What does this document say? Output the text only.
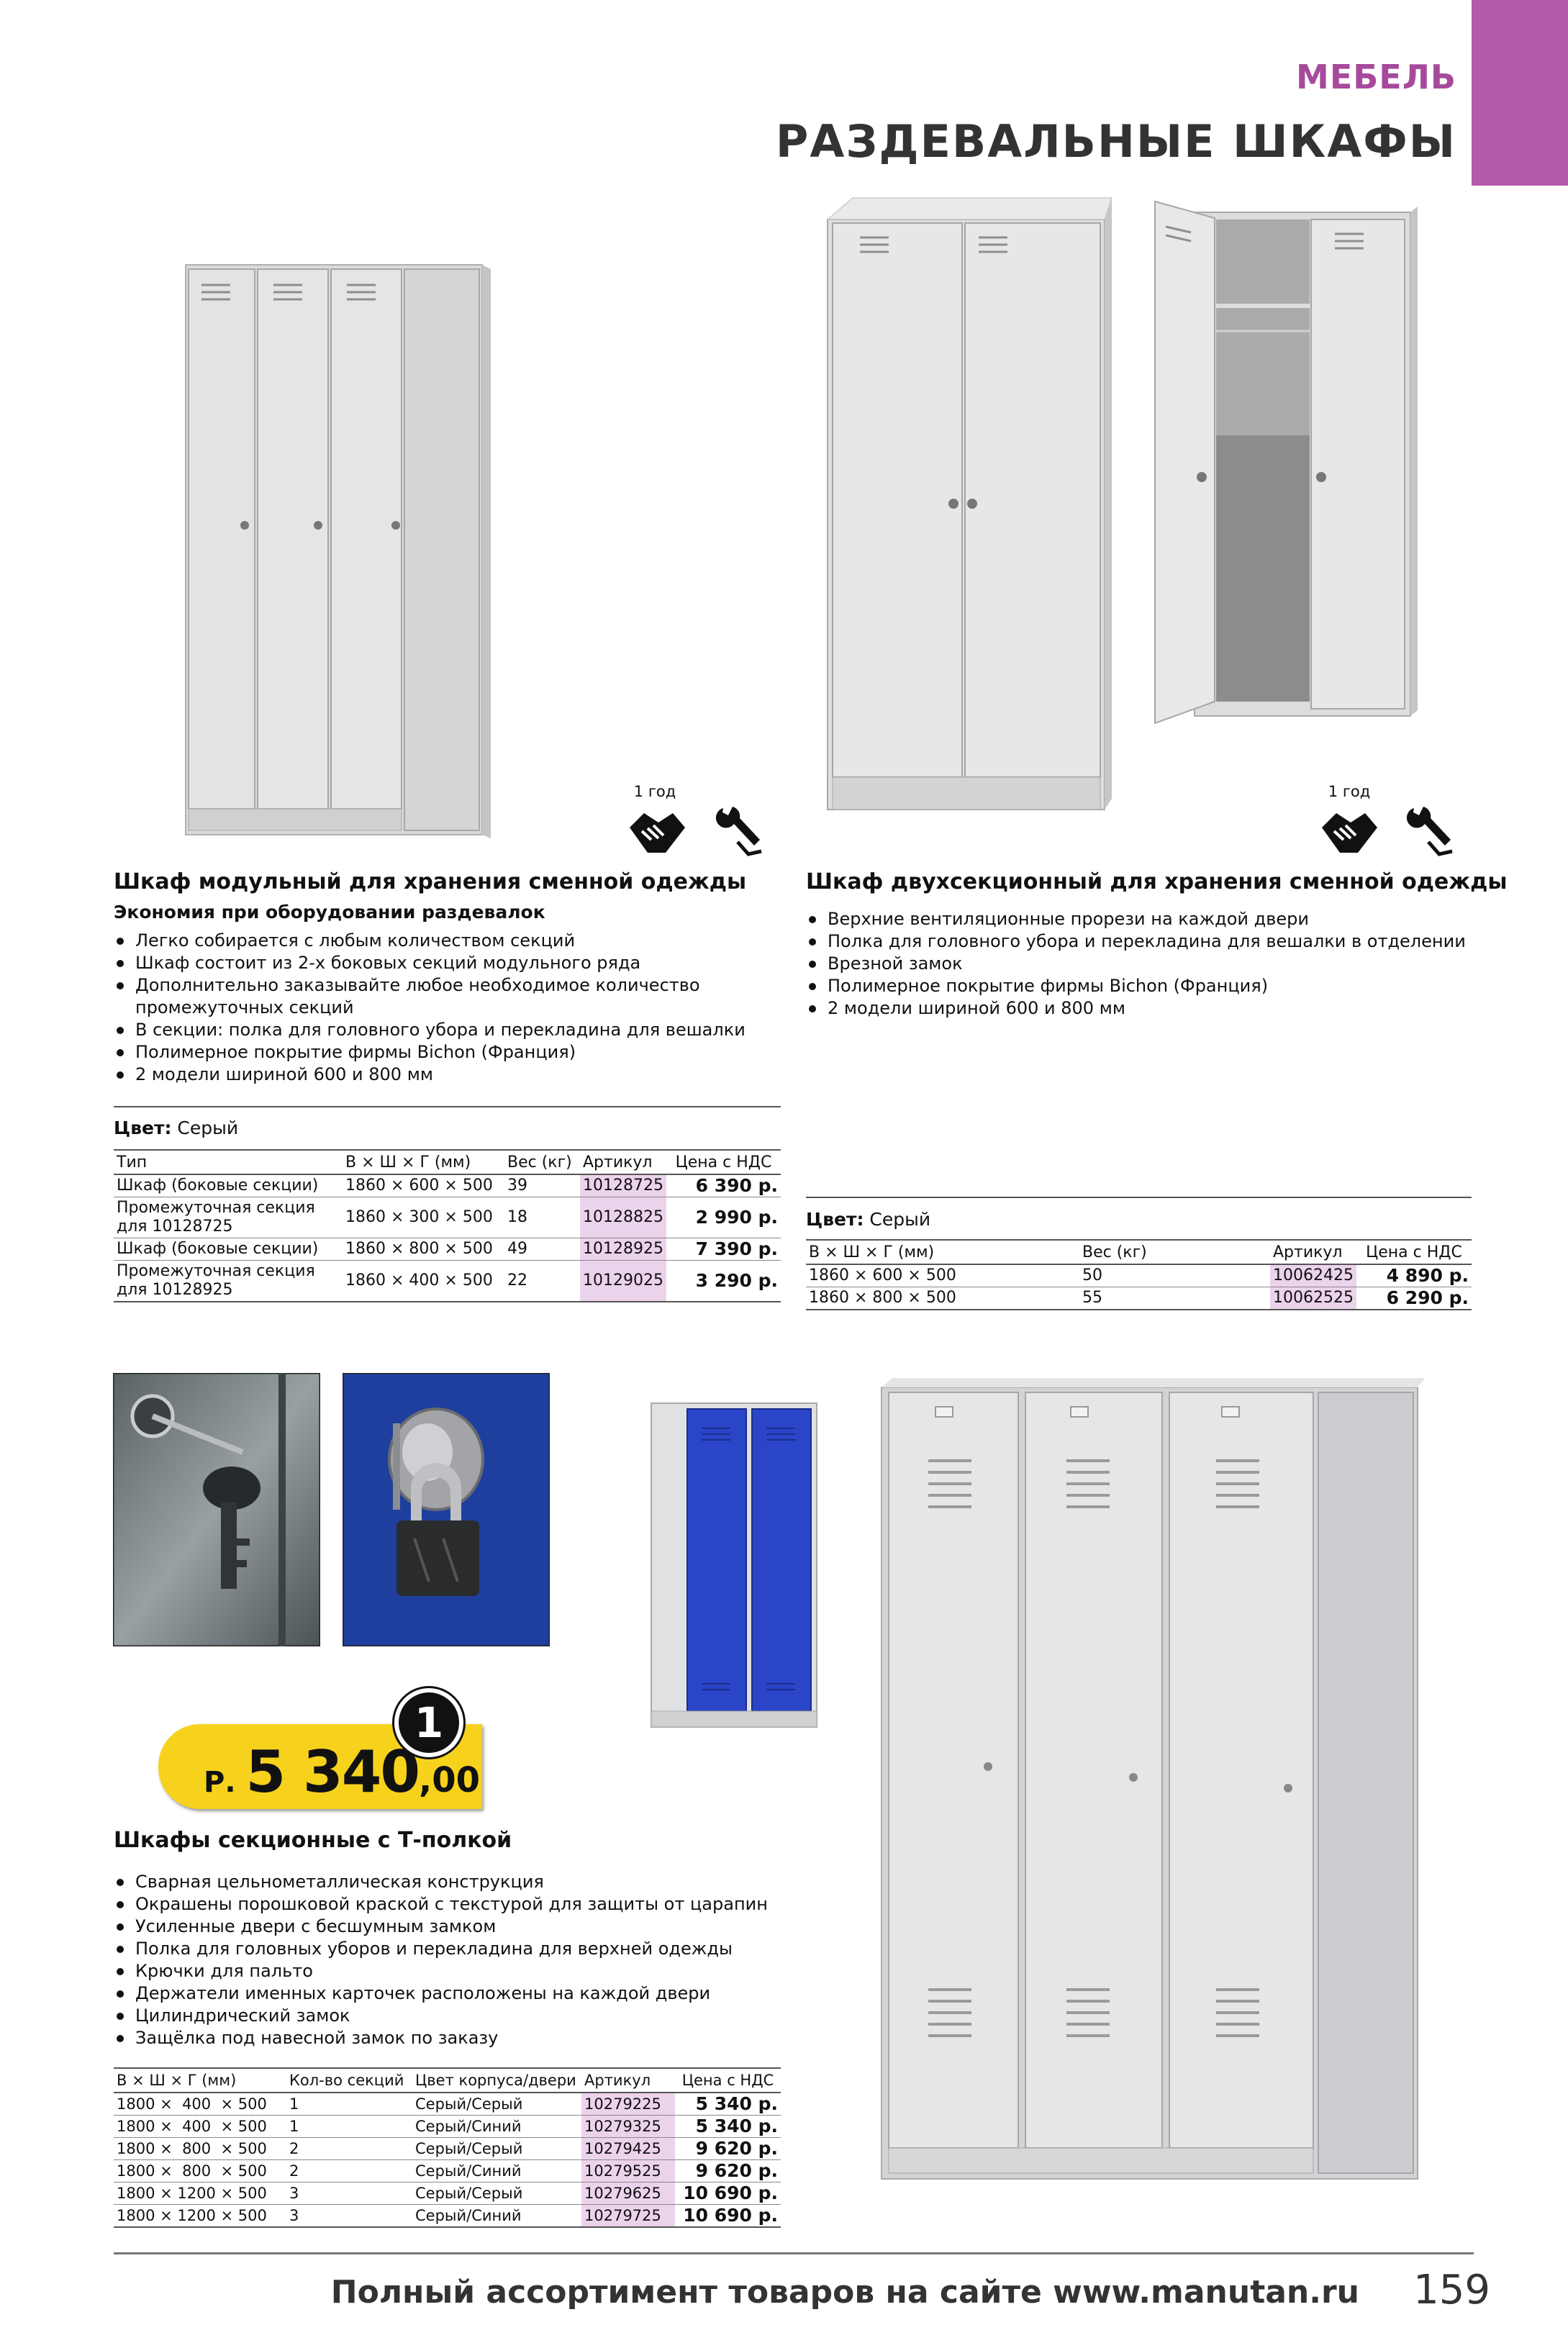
МЕБЕЛЬ
РАЗДЕВАЛЬНЫЕ ШКАФЫ
1 год	1 год
Шкаф модульный для хранения сменной одежды
Экономия при оборудовании раздевалок
Легко собирается с любым количеством секций
Шкаф состоит из 2-х боковых секций модульного ряда
Дополнительно заказывайте любое необходимое количество промежуточных секций
В секции: полка для головного убора и перекладина для вешалки
Полимерное покрытие фирмы Bichon (Франция)
2 модели шириной 600 и 800 мм
Цвет: Серый
Тип	В × Ш × Г (мм)	Вес (кг)	Артикул	Цена с НДС
Шкаф (боковые секции)	1860 × 600 × 500	39	10128725	6 390 р.
Промежуточная секция для 10128725	1860 × 300 × 500	18	10128825	2 990 р.
Шкаф (боковые секции)	1860 × 800 × 500	49	10128925	7 390 р.
Промежуточная секция для 10128925	1860 × 400 × 500	22	10129025	3 290 р.
Шкаф двухсекционный для хранения сменной одежды
Верхние вентиляционные прорези на каждой двери
Полка для головного убора и перекладина для вешалки в отделении
Врезной замок
Полимерное покрытие фирмы Bichon (Франция)
2 модели шириной 600 и 800 мм
Цвет: Серый
В × Ш × Г (мм)	Вес (кг)	Артикул	Цена с НДС
1860 × 600 × 500	50	10062425	4 890 р.
1860 × 800 × 500	55	10062525	6 290 р.
1
Р. 5 340 ,00
Шкафы секционные с Т-полкой
Сварная цельнометаллическая конструкция
Окрашены порошковой краской с текстурой для защиты от царапин
Усиленные двери с бесшумным замком
Полка для головных уборов и перекладина для верхней одежды
Крючки для пальто
Держатели именных карточек расположены на каждой двери
Цилиндрический замок
Защёлка под навесной замок по заказу
В × Ш × Г (мм)	Кол-во секций	Цвет корпуса/двери	Артикул	Цена с НДС
1800 ×  400  × 500	1	Серый/Серый	10279225	5 340 р.
1800 ×  400  × 500	1	Серый/Синий	10279325	5 340 р.
1800 ×  800  × 500	2	Серый/Серый	10279425	9 620 р.
1800 ×  800  × 500	2	Серый/Синий	10279525	9 620 р.
1800 × 1200 × 500	3	Серый/Серый	10279625	10 690 р.
1800 × 1200 × 500	3	Серый/Синий	10279725	10 690 р.
Полный ассортимент товаров на сайте www.manutan.ru 159
